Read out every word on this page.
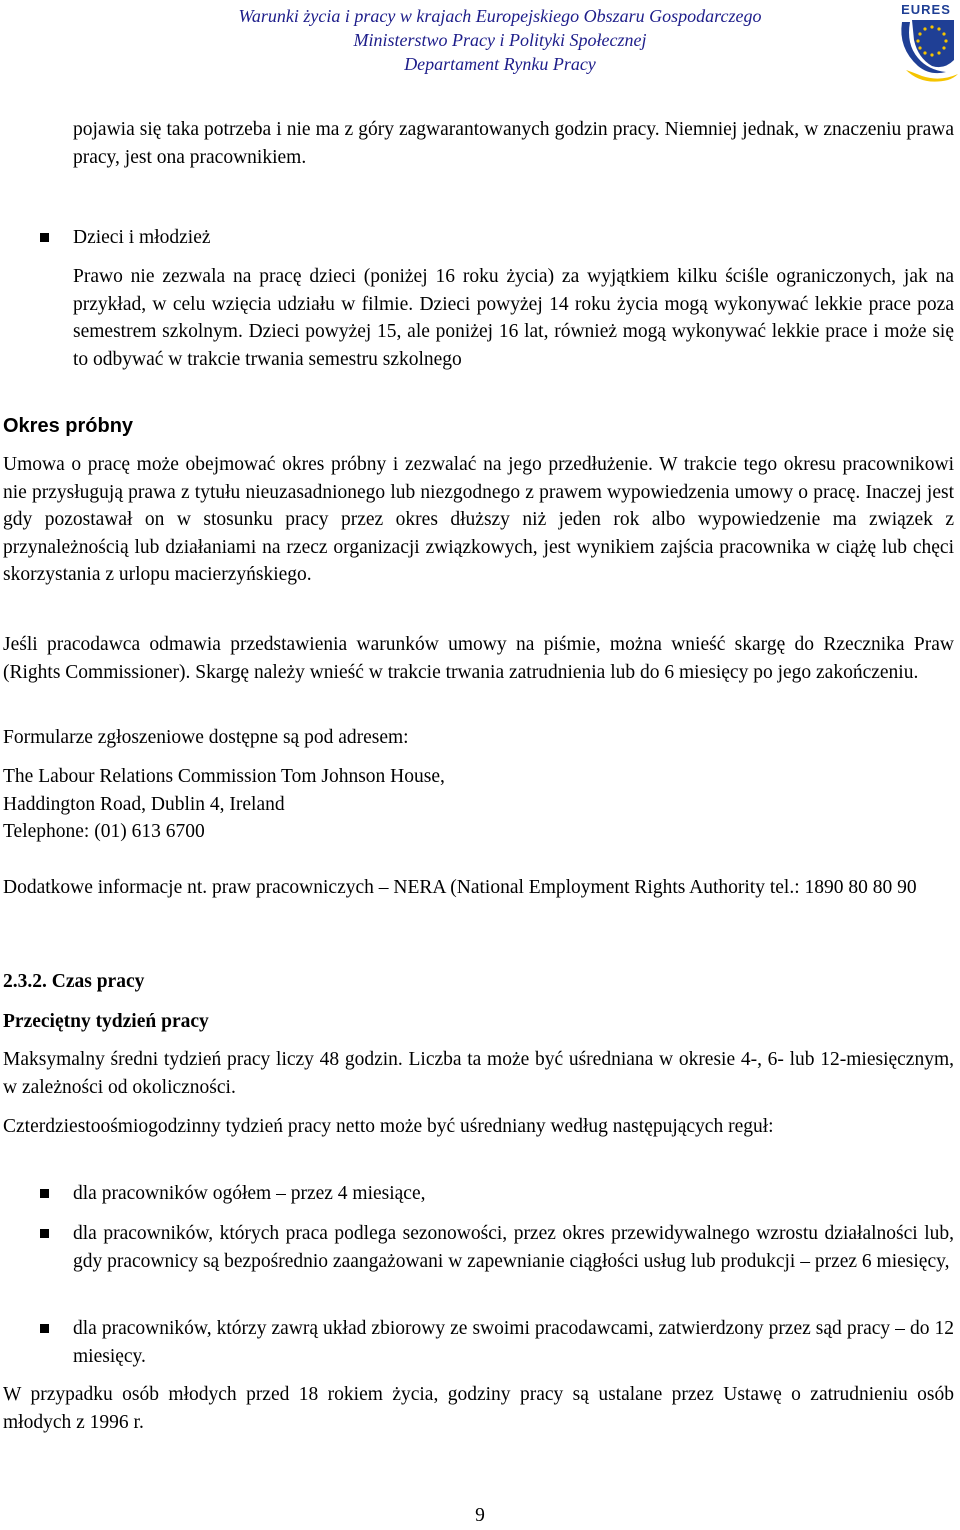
Warunki życia i pracy w krajach Europejskiego Obszaru Gospodarczego
Ministerstwo Pracy i Polityki Społecznej
Departament Rynku Pracy
EURES
pojawia się taka potrzeba i nie ma z góry zagwarantowanych godzin pracy. Niemniej jednak, w znaczeniu prawa pracy, jest ona pracownikiem.
Dzieci i młodzież
Prawo nie zezwala na pracę dzieci (poniżej 16 roku życia) za wyjątkiem kilku ściśle ograniczonych, jak na przykład, w celu wzięcia udziału w filmie. Dzieci powyżej 14 roku życia mogą wykonywać lekkie prace poza semestrem szkolnym. Dzieci powyżej 15, ale poniżej 16 lat, również mogą wykonywać lekkie prace i może się to odbywać w trakcie trwania semestru szkolnego
Okres próbny
Umowa o pracę może obejmować okres próbny i zezwalać na jego przedłużenie. W trakcie tego okresu pracownikowi nie przysługują prawa z tytułu nieuzasadnionego lub niezgodnego z prawem wypowiedzenia umowy o pracę. Inaczej jest gdy pozostawał on w stosunku pracy przez okres dłuższy niż jeden rok albo wypowiedzenie ma związek z przynależnością lub działaniami na rzecz organizacji związkowych, jest wynikiem zajścia pracownika w ciążę lub chęci skorzystania z urlopu macierzyńskiego.
Jeśli pracodawca odmawia przedstawienia warunków umowy na piśmie, można wnieść skargę do Rzecznika Praw (Rights Commissioner). Skargę należy wnieść w trakcie trwania zatrudnienia lub do 6 miesięcy po jego zakończeniu.
Formularze zgłoszeniowe dostępne są pod adresem:
The Labour Relations Commission Tom Johnson House,
Haddington Road, Dublin 4, Ireland
Telephone: (01) 613 6700
Dodatkowe informacje nt. praw pracowniczych – NERA (National Employment Rights Authority tel.: 1890 80 80 90
2.3.2. Czas pracy
Przeciętny tydzień pracy
Maksymalny średni tydzień pracy liczy 48 godzin. Liczba ta może być uśredniana w okresie 4-, 6- lub 12-miesięcznym, w zależności od okoliczności.
Czterdziestoośmiogodzinny tydzień pracy netto może być uśredniany według następujących reguł:
dla pracowników ogółem – przez 4 miesiące,
dla pracowników, których praca podlega sezonowości, przez okres przewidywalnego wzrostu działalności lub, gdy pracownicy są bezpośrednio zaangażowani w zapewnianie ciągłości usług lub produkcji – przez 6 miesięcy,
dla pracowników, którzy zawrą układ zbiorowy ze swoimi pracodawcami, zatwierdzony przez sąd pracy – do 12 miesięcy.
W przypadku osób młodych przed 18 rokiem życia, godziny pracy są ustalane przez Ustawę o zatrudnieniu osób młodych z 1996 r.
9
